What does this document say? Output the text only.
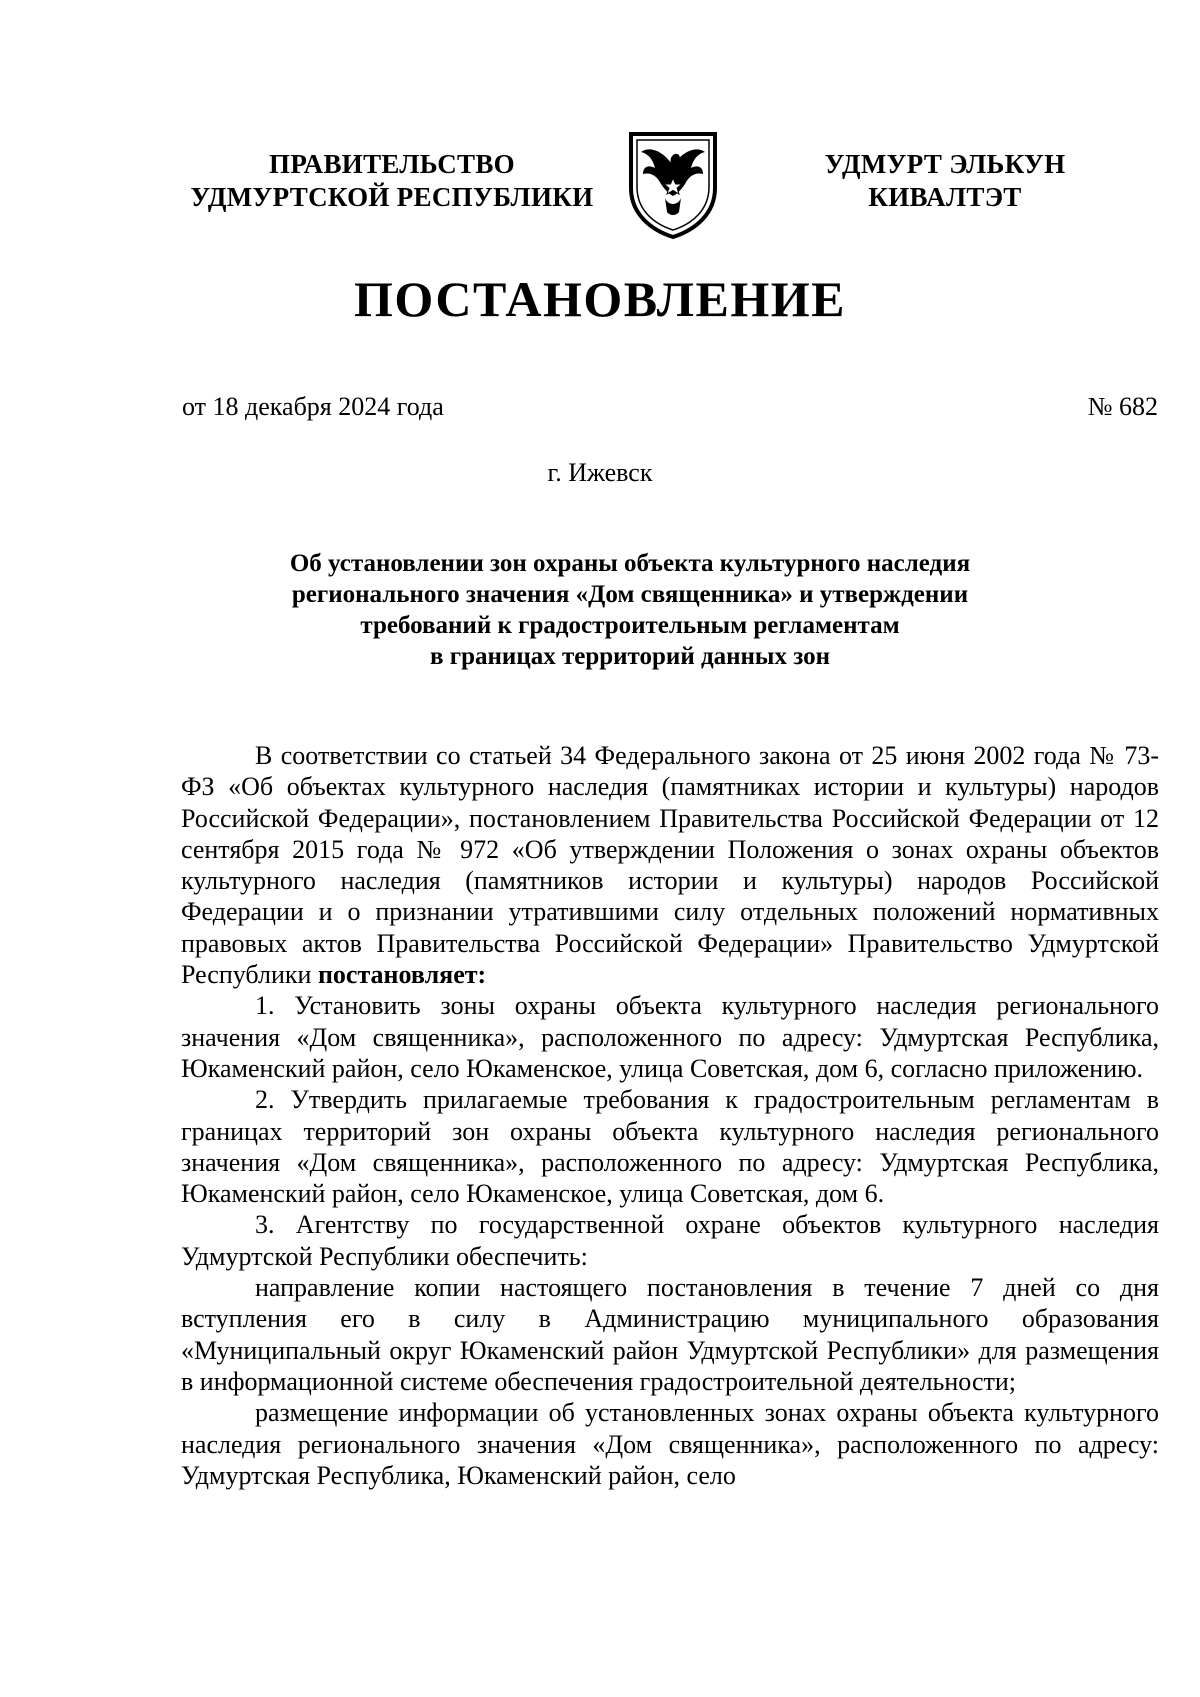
ПРАВИТЕЛЬСТВО
УДМУРТСКОЙ РЕСПУБЛИКИ
УДМУРТ ЭЛЬКУН
КИВАЛТЭТ
ПОСТАНОВЛЕНИЕ
от 18 декабря 2024 года	№ 682
г. Ижевск
Об установлении зон охраны объекта культурного наследия
регионального значения «Дом священника» и утверждении
требований к градостроительным регламентам
в границах территорий данных зон

В соответствии со статьей 34 Федерального закона от 25 июня 2002 года № 73-ФЗ «Об объектах культурного наследия (памятниках истории и культуры) народов Российской Федерации», постановлением Правительства Российской Федерации от 12 сентября 2015 года № 972 «Об утверждении Положения о зонах охраны объектов культурного наследия (памятников истории и культуры) народов Российской Федерации и о признании утратившими силу отдельных положений нормативных правовых актов Правительства Российской Федерации» Правительство Удмуртской Республики постановляет:

1. Установить зоны охраны объекта культурного наследия регионального значения «Дом священника», расположенного по адресу: Удмуртская Республика, Юкаменский район, село Юкаменское, улица Советская, дом 6, согласно приложению.

2. Утвердить прилагаемые требования к градостроительным регламентам в границах территорий зон охраны объекта культурного наследия регионального значения «Дом священника», расположенного по адресу: Удмуртская Республика, Юкаменский район, село Юкаменское, улица Советская, дом 6.

3. Агентству по государственной охране объектов культурного наследия Удмуртской Республики обеспечить:

направление копии настоящего постановления в течение 7 дней со дня вступления его в силу в Администрацию муниципального образования «Муниципальный округ Юкаменский район Удмуртской Республики» для размещения в информационной системе обеспечения градостроительной деятельности;

размещение информации об установленных зонах охраны объекта культурного наследия регионального значения «Дом священника», расположенного по адресу: Удмуртская Республика, Юкаменский район, село
